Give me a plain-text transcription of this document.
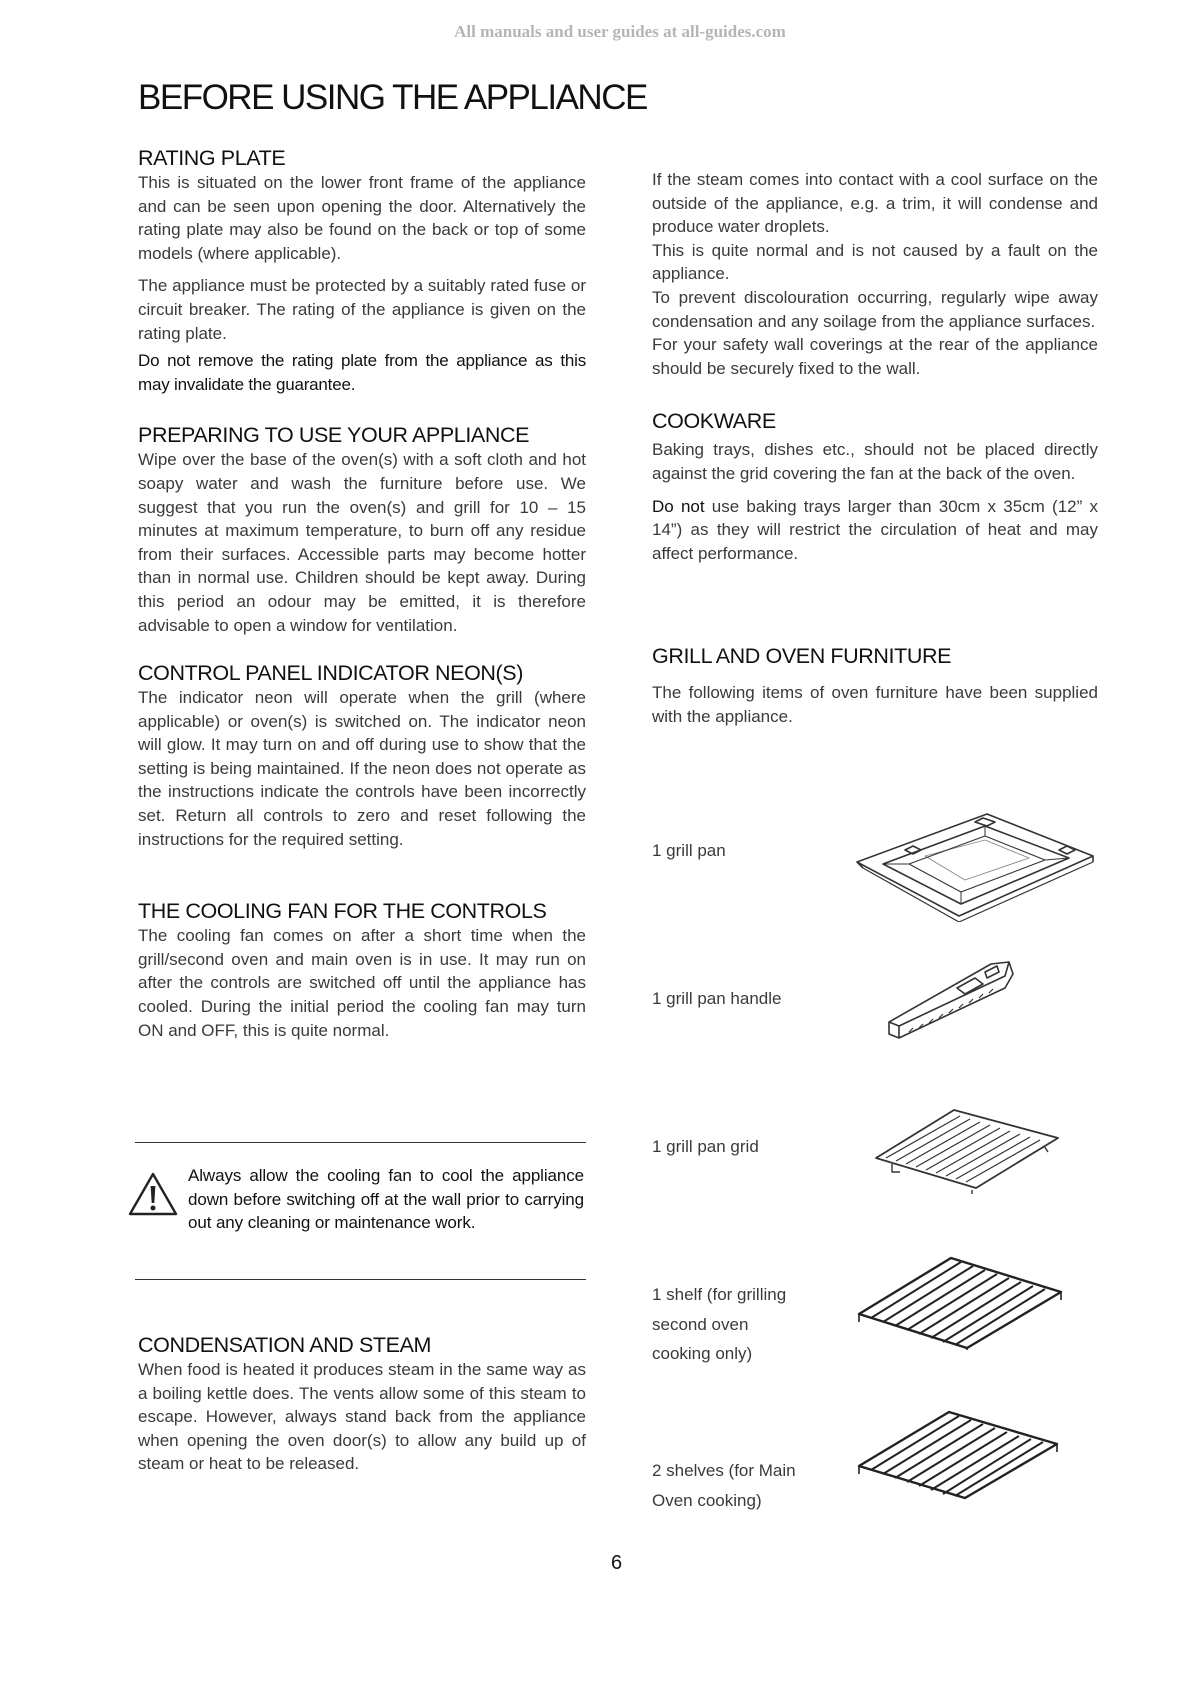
All manuals and user guides at all-guides.com
BEFORE USING THE APPLIANCE
RATING PLATE

This is situated on the lower front frame of the appliance and can be seen upon opening the door. Alternatively the rating plate may also be found on the back or top of some models (where applicable).

The appliance must be protected by a suitably rated fuse or circuit breaker. The rating of the appliance is given on the rating plate.

Do not remove the rating plate from the appliance as this may invalidate the guarantee.
PREPARING TO USE YOUR APPLIANCE

Wipe over the base of the oven(s) with a soft cloth and hot soapy water and wash the furniture before use. We suggest that you run the oven(s) and grill for 10 – 15 minutes at maximum temperature, to burn off any residue from their surfaces. Accessible parts may become hotter than in normal use. Children should be kept away. During this period an odour may be emitted, it is therefore advisable to open a window for ventilation.

CONTROL PANEL INDICATOR NEON(S)

The indicator neon will operate when the grill (where applicable) or oven(s) is switched on. The indicator neon will glow. It may turn on and off during use to show that the setting is being maintained. If the neon does not operate as the instructions indicate the controls have been incorrectly set. Return all controls to zero and reset following the instructions for the required setting.

THE COOLING FAN FOR THE CONTROLS

The cooling fan comes on after a short time when the grill/second oven and main oven is in use. It may run on after the controls are switched off until the appliance has cooled. During the initial period the cooling fan may turn ON and OFF, this is quite normal.

Always allow the cooling fan to cool the appliance down before switching off at the wall prior to carrying out any cleaning or maintenance work.
CONDENSATION AND STEAM

When food is heated it produces steam in the same way as a boiling kettle does. The vents allow some of this steam to escape. However, always stand back from the appliance when opening the oven door(s) to allow any build up of steam or heat to be released.

If the steam comes into contact with a cool surface on the outside of the appliance, e.g. a trim, it will condense and produce water droplets.

This is quite normal and is not caused by a fault on the appliance.

To prevent discolouration occurring, regularly wipe away condensation and any soilage from the appliance surfaces.

For your safety wall coverings at the rear of the appliance should be securely fixed to the wall.

COOKWARE

Baking trays, dishes etc., should not be placed directly against the grid covering the fan at the back of the oven.

Do not use baking trays larger than 30cm x 35cm (12” x 14”) as they will restrict the circulation of heat and may affect performance.

GRILL AND OVEN FURNITURE

The following items of oven furniture have been supplied with the appliance.

1 grill pan
1 grill pan handle
1 grill pan grid
1 shelf (for grilling
second oven
cooking only)
2 shelves (for Main
Oven cooking)
6
